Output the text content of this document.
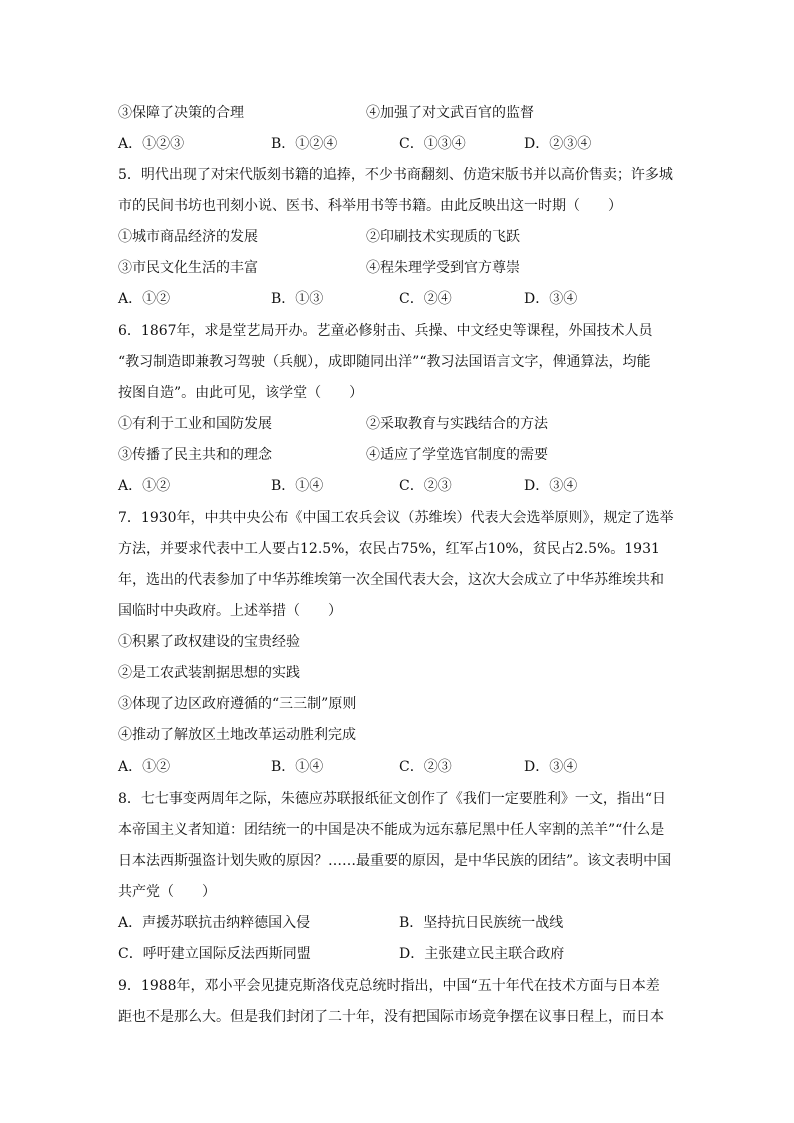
③保障了决策的合理	④加强了对文武百官的监督
A．①②③	B．①②④	C．①③④	D．②③④
5．明代出现了对宋代版刻书籍的追捧，不少书商翻刻、仿造宋版书并以高价售卖；许多城
市的民间书坊也刊刻小说、医书、科举用书等书籍。由此反映出这一时期（　　）
①城市商品经济的发展	②印刷技术实现质的飞跃
③市民文化生活的丰富	④程朱理学受到官方尊崇
A．①②	B．①③	C．②④	D．③④
6．1867年，求是堂艺局开办。艺童必修射击、兵操、中文经史等课程，外国技术人员
“教习制造即兼教习驾驶（兵舰），成即随同出洋”“教习法国语言文字，俾通算法，均能
按图自造”。由此可见，该学堂（　　）
①有利于工业和国防发展	②采取教育与实践结合的方法
③传播了民主共和的理念	④适应了学堂选官制度的需要
A．①②	B．①④	C．②③	D．③④
7．1930年，中共中央公布《中国工农兵会议（苏维埃）代表大会选举原则》，规定了选举
方法，并要求代表中工人要占12.5%，农民占75%，红军占10%，贫民占2.5%。1931
年，选出的代表参加了中华苏维埃第一次全国代表大会，这次大会成立了中华苏维埃共和
国临时中央政府。上述举措（　　）
①积累了政权建设的宝贵经验
②是工农武装割据思想的实践
③体现了边区政府遵循的“三三制”原则
④推动了解放区土地改革运动胜利完成
A．①②	B．①④	C．②③	D．③④
8．七七事变两周年之际，朱德应苏联报纸征文创作了《我们一定要胜利》一文，指出“日
本帝国主义者知道：团结统一的中国是决不能成为远东慕尼黑中任人宰割的羔羊”“什么是
日本法西斯强盗计划失败的原因？……最重要的原因，是中华民族的团结”。该文表明中国
共产党（　　）
A．声援苏联抗击纳粹德国入侵	B．坚持抗日民族统一战线
C．呼吁建立国际反法西斯同盟	D．主张建立民主联合政府
9．1988年，邓小平会见捷克斯洛伐克总统时指出，中国“五十年代在技术方面与日本差
距也不是那么大。但是我们封闭了二十年，没有把国际市场竞争摆在议事日程上，而日本
